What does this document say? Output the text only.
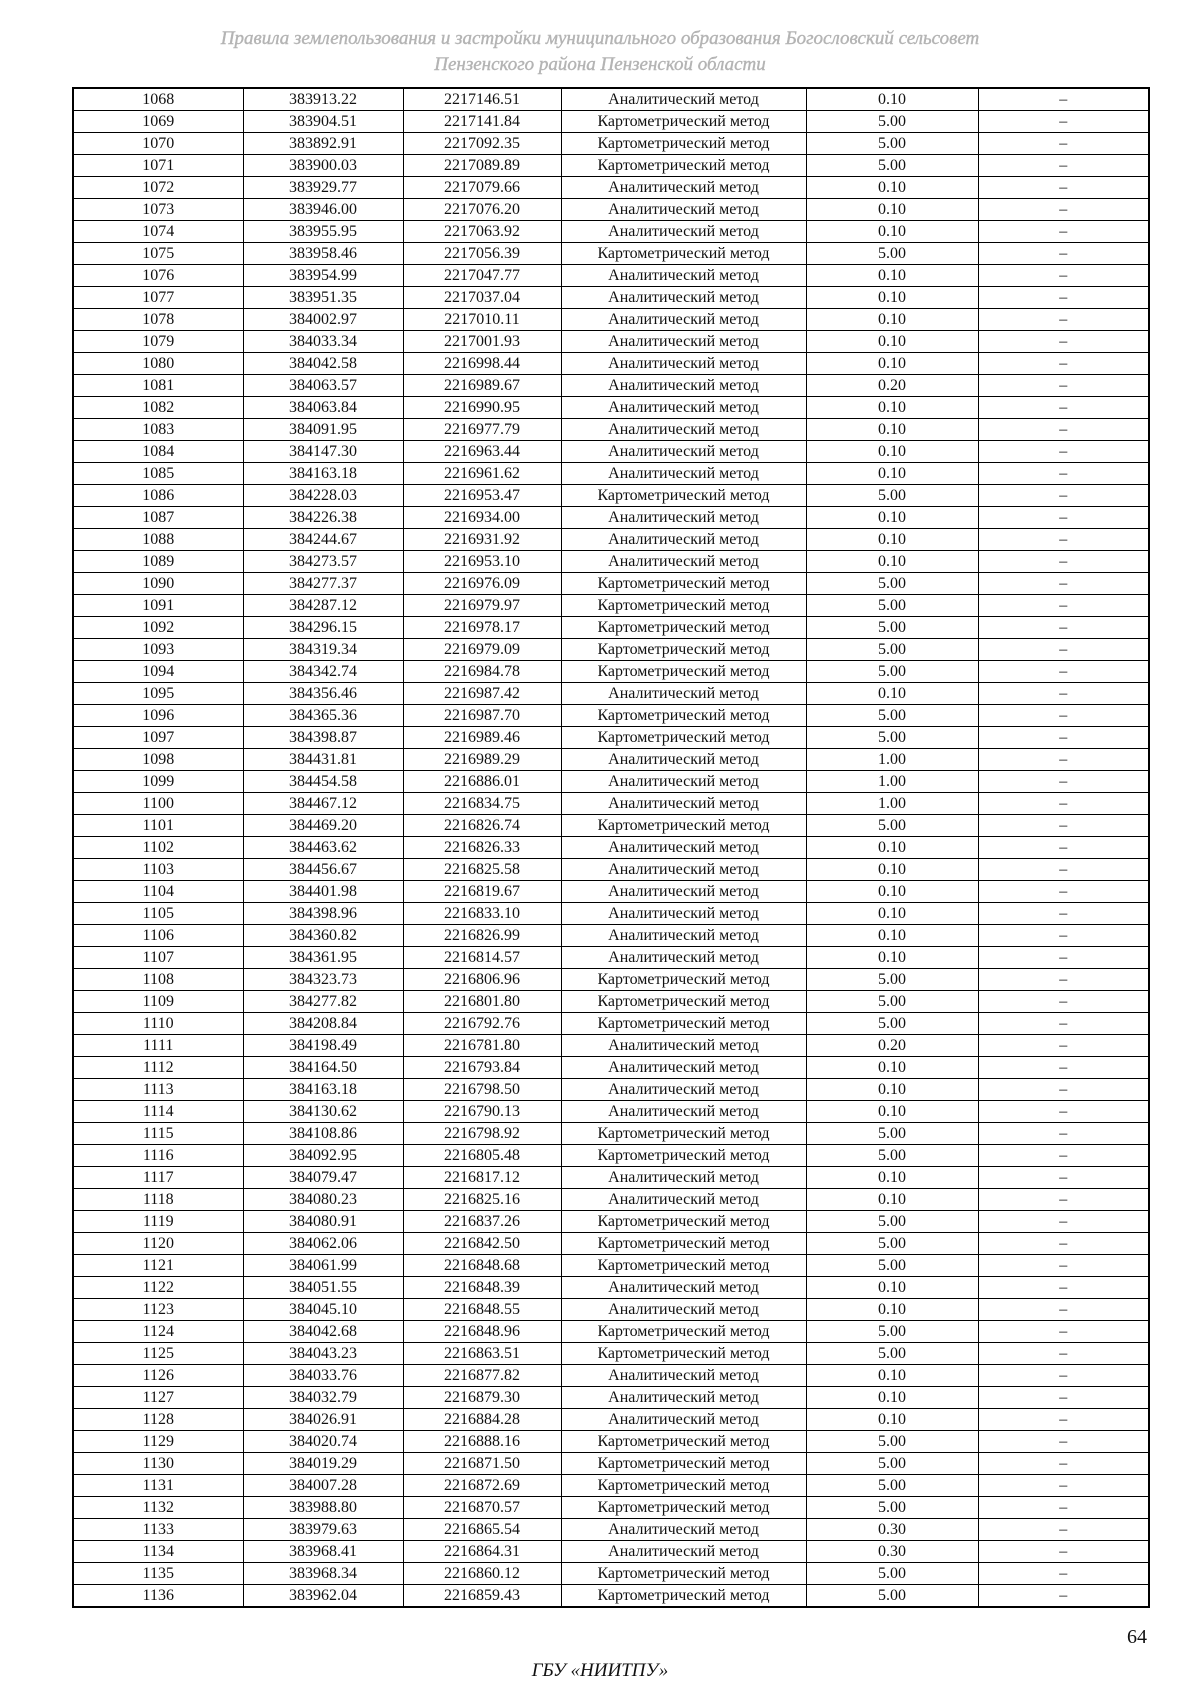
Правила землепользования и застройки муниципального образования Богословский сельсовет
Пензенского района Пензенской области
1068	383913.22	2217146.51	Аналитический метод	0.10	–
1069	383904.51	2217141.84	Картометрический метод	5.00	–
1070	383892.91	2217092.35	Картометрический метод	5.00	–
1071	383900.03	2217089.89	Картометрический метод	5.00	–
1072	383929.77	2217079.66	Аналитический метод	0.10	–
1073	383946.00	2217076.20	Аналитический метод	0.10	–
1074	383955.95	2217063.92	Аналитический метод	0.10	–
1075	383958.46	2217056.39	Картометрический метод	5.00	–
1076	383954.99	2217047.77	Аналитический метод	0.10	–
1077	383951.35	2217037.04	Аналитический метод	0.10	–
1078	384002.97	2217010.11	Аналитический метод	0.10	–
1079	384033.34	2217001.93	Аналитический метод	0.10	–
1080	384042.58	2216998.44	Аналитический метод	0.10	–
1081	384063.57	2216989.67	Аналитический метод	0.20	–
1082	384063.84	2216990.95	Аналитический метод	0.10	–
1083	384091.95	2216977.79	Аналитический метод	0.10	–
1084	384147.30	2216963.44	Аналитический метод	0.10	–
1085	384163.18	2216961.62	Аналитический метод	0.10	–
1086	384228.03	2216953.47	Картометрический метод	5.00	–
1087	384226.38	2216934.00	Аналитический метод	0.10	–
1088	384244.67	2216931.92	Аналитический метод	0.10	–
1089	384273.57	2216953.10	Аналитический метод	0.10	–
1090	384277.37	2216976.09	Картометрический метод	5.00	–
1091	384287.12	2216979.97	Картометрический метод	5.00	–
1092	384296.15	2216978.17	Картометрический метод	5.00	–
1093	384319.34	2216979.09	Картометрический метод	5.00	–
1094	384342.74	2216984.78	Картометрический метод	5.00	–
1095	384356.46	2216987.42	Аналитический метод	0.10	–
1096	384365.36	2216987.70	Картометрический метод	5.00	–
1097	384398.87	2216989.46	Картометрический метод	5.00	–
1098	384431.81	2216989.29	Аналитический метод	1.00	–
1099	384454.58	2216886.01	Аналитический метод	1.00	–
1100	384467.12	2216834.75	Аналитический метод	1.00	–
1101	384469.20	2216826.74	Картометрический метод	5.00	–
1102	384463.62	2216826.33	Аналитический метод	0.10	–
1103	384456.67	2216825.58	Аналитический метод	0.10	–
1104	384401.98	2216819.67	Аналитический метод	0.10	–
1105	384398.96	2216833.10	Аналитический метод	0.10	–
1106	384360.82	2216826.99	Аналитический метод	0.10	–
1107	384361.95	2216814.57	Аналитический метод	0.10	–
1108	384323.73	2216806.96	Картометрический метод	5.00	–
1109	384277.82	2216801.80	Картометрический метод	5.00	–
1110	384208.84	2216792.76	Картометрический метод	5.00	–
1111	384198.49	2216781.80	Аналитический метод	0.20	–
1112	384164.50	2216793.84	Аналитический метод	0.10	–
1113	384163.18	2216798.50	Аналитический метод	0.10	–
1114	384130.62	2216790.13	Аналитический метод	0.10	–
1115	384108.86	2216798.92	Картометрический метод	5.00	–
1116	384092.95	2216805.48	Картометрический метод	5.00	–
1117	384079.47	2216817.12	Аналитический метод	0.10	–
1118	384080.23	2216825.16	Аналитический метод	0.10	–
1119	384080.91	2216837.26	Картометрический метод	5.00	–
1120	384062.06	2216842.50	Картометрический метод	5.00	–
1121	384061.99	2216848.68	Картометрический метод	5.00	–
1122	384051.55	2216848.39	Аналитический метод	0.10	–
1123	384045.10	2216848.55	Аналитический метод	0.10	–
1124	384042.68	2216848.96	Картометрический метод	5.00	–
1125	384043.23	2216863.51	Картометрический метод	5.00	–
1126	384033.76	2216877.82	Аналитический метод	0.10	–
1127	384032.79	2216879.30	Аналитический метод	0.10	–
1128	384026.91	2216884.28	Аналитический метод	0.10	–
1129	384020.74	2216888.16	Картометрический метод	5.00	–
1130	384019.29	2216871.50	Картометрический метод	5.00	–
1131	384007.28	2216872.69	Картометрический метод	5.00	–
1132	383988.80	2216870.57	Картометрический метод	5.00	–
1133	383979.63	2216865.54	Аналитический метод	0.30	–
1134	383968.41	2216864.31	Аналитический метод	0.30	–
1135	383968.34	2216860.12	Картометрический метод	5.00	–
1136	383962.04	2216859.43	Картометрический метод	5.00	–
64
ГБУ «НИИТПУ»
